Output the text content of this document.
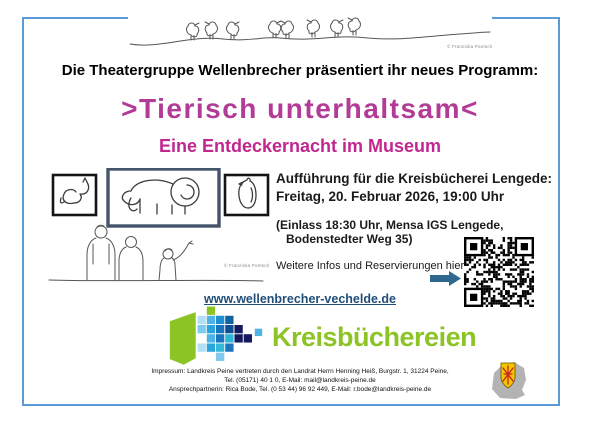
© Franziska Poetsch
Die Theatergruppe Wellenbrecher präsentiert ihr neues Programm:
>Tierisch unterhaltsam<
Eine Entdeckernacht im Museum
© Franziska Poetsch
Aufführung für die Kreisbücherei Lengede:
Freitag, 20. Februar 2026, 19:00 Uhr
(Einlass 18:30 Uhr, Mensa IGS Lengede,
Bodenstedter Weg 35)
Weitere Infos und Reservierungen hier
www.wellenbrecher-vechelde.de
Kreisbüchereien
Impressum: Landkreis Peine vertreten durch den Landrat Herrn Henning Heiß, Burgstr. 1, 31224 Peine,
Tel. (05171) 40 1 0, E-Mail: mail@landkreis-peine.de
Ansprechpartnerin: Rica Bode, Tel. (0 53 44) 96 92 449, E-Mail: r.bode@landkreis-peine.de
